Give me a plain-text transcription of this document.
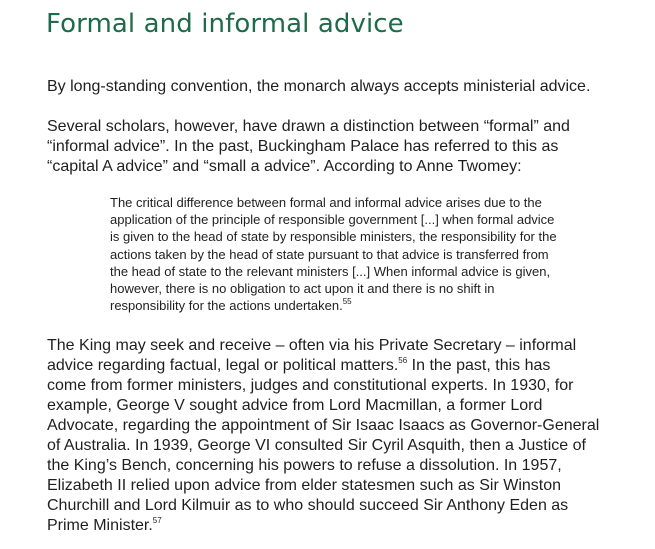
Formal and informal advice

By long-standing convention, the monarch always accepts ministerial advice.

Several scholars, however, have drawn a distinction between “formal” and
“informal advice”. In the past, Buckingham Palace has referred to this as
“capital A advice” and “small a advice”. According to Anne Twomey:

The critical difference between formal and informal advice arises due to the
application of the principle of responsible government [...] when formal advice
is given to the head of state by responsible ministers, the responsibility for the
actions taken by the head of state pursuant to that advice is transferred from
the head of state to the relevant ministers [...] When informal advice is given,
however, there is no obligation to act upon it and there is no shift in
responsibility for the actions undertaken.$^{55}$

The King may seek and receive – often via his Private Secretary – informal
advice regarding factual, legal or political matters.$^{56}$ In the past, this has
come from former ministers, judges and constitutional experts. In 1930, for
example, George V sought advice from Lord Macmillan, a former Lord
Advocate, regarding the appointment of Sir Isaac Isaacs as Governor-General
of Australia. In 1939, George VI consulted Sir Cyril Asquith, then a Justice of
the King’s Bench, concerning his powers to refuse a dissolution. In 1957,
Elizabeth II relied upon advice from elder statesmen such as Sir Winston
Churchill and Lord Kilmuir as to who should succeed Sir Anthony Eden as
Prime Minister.$^{57}$
